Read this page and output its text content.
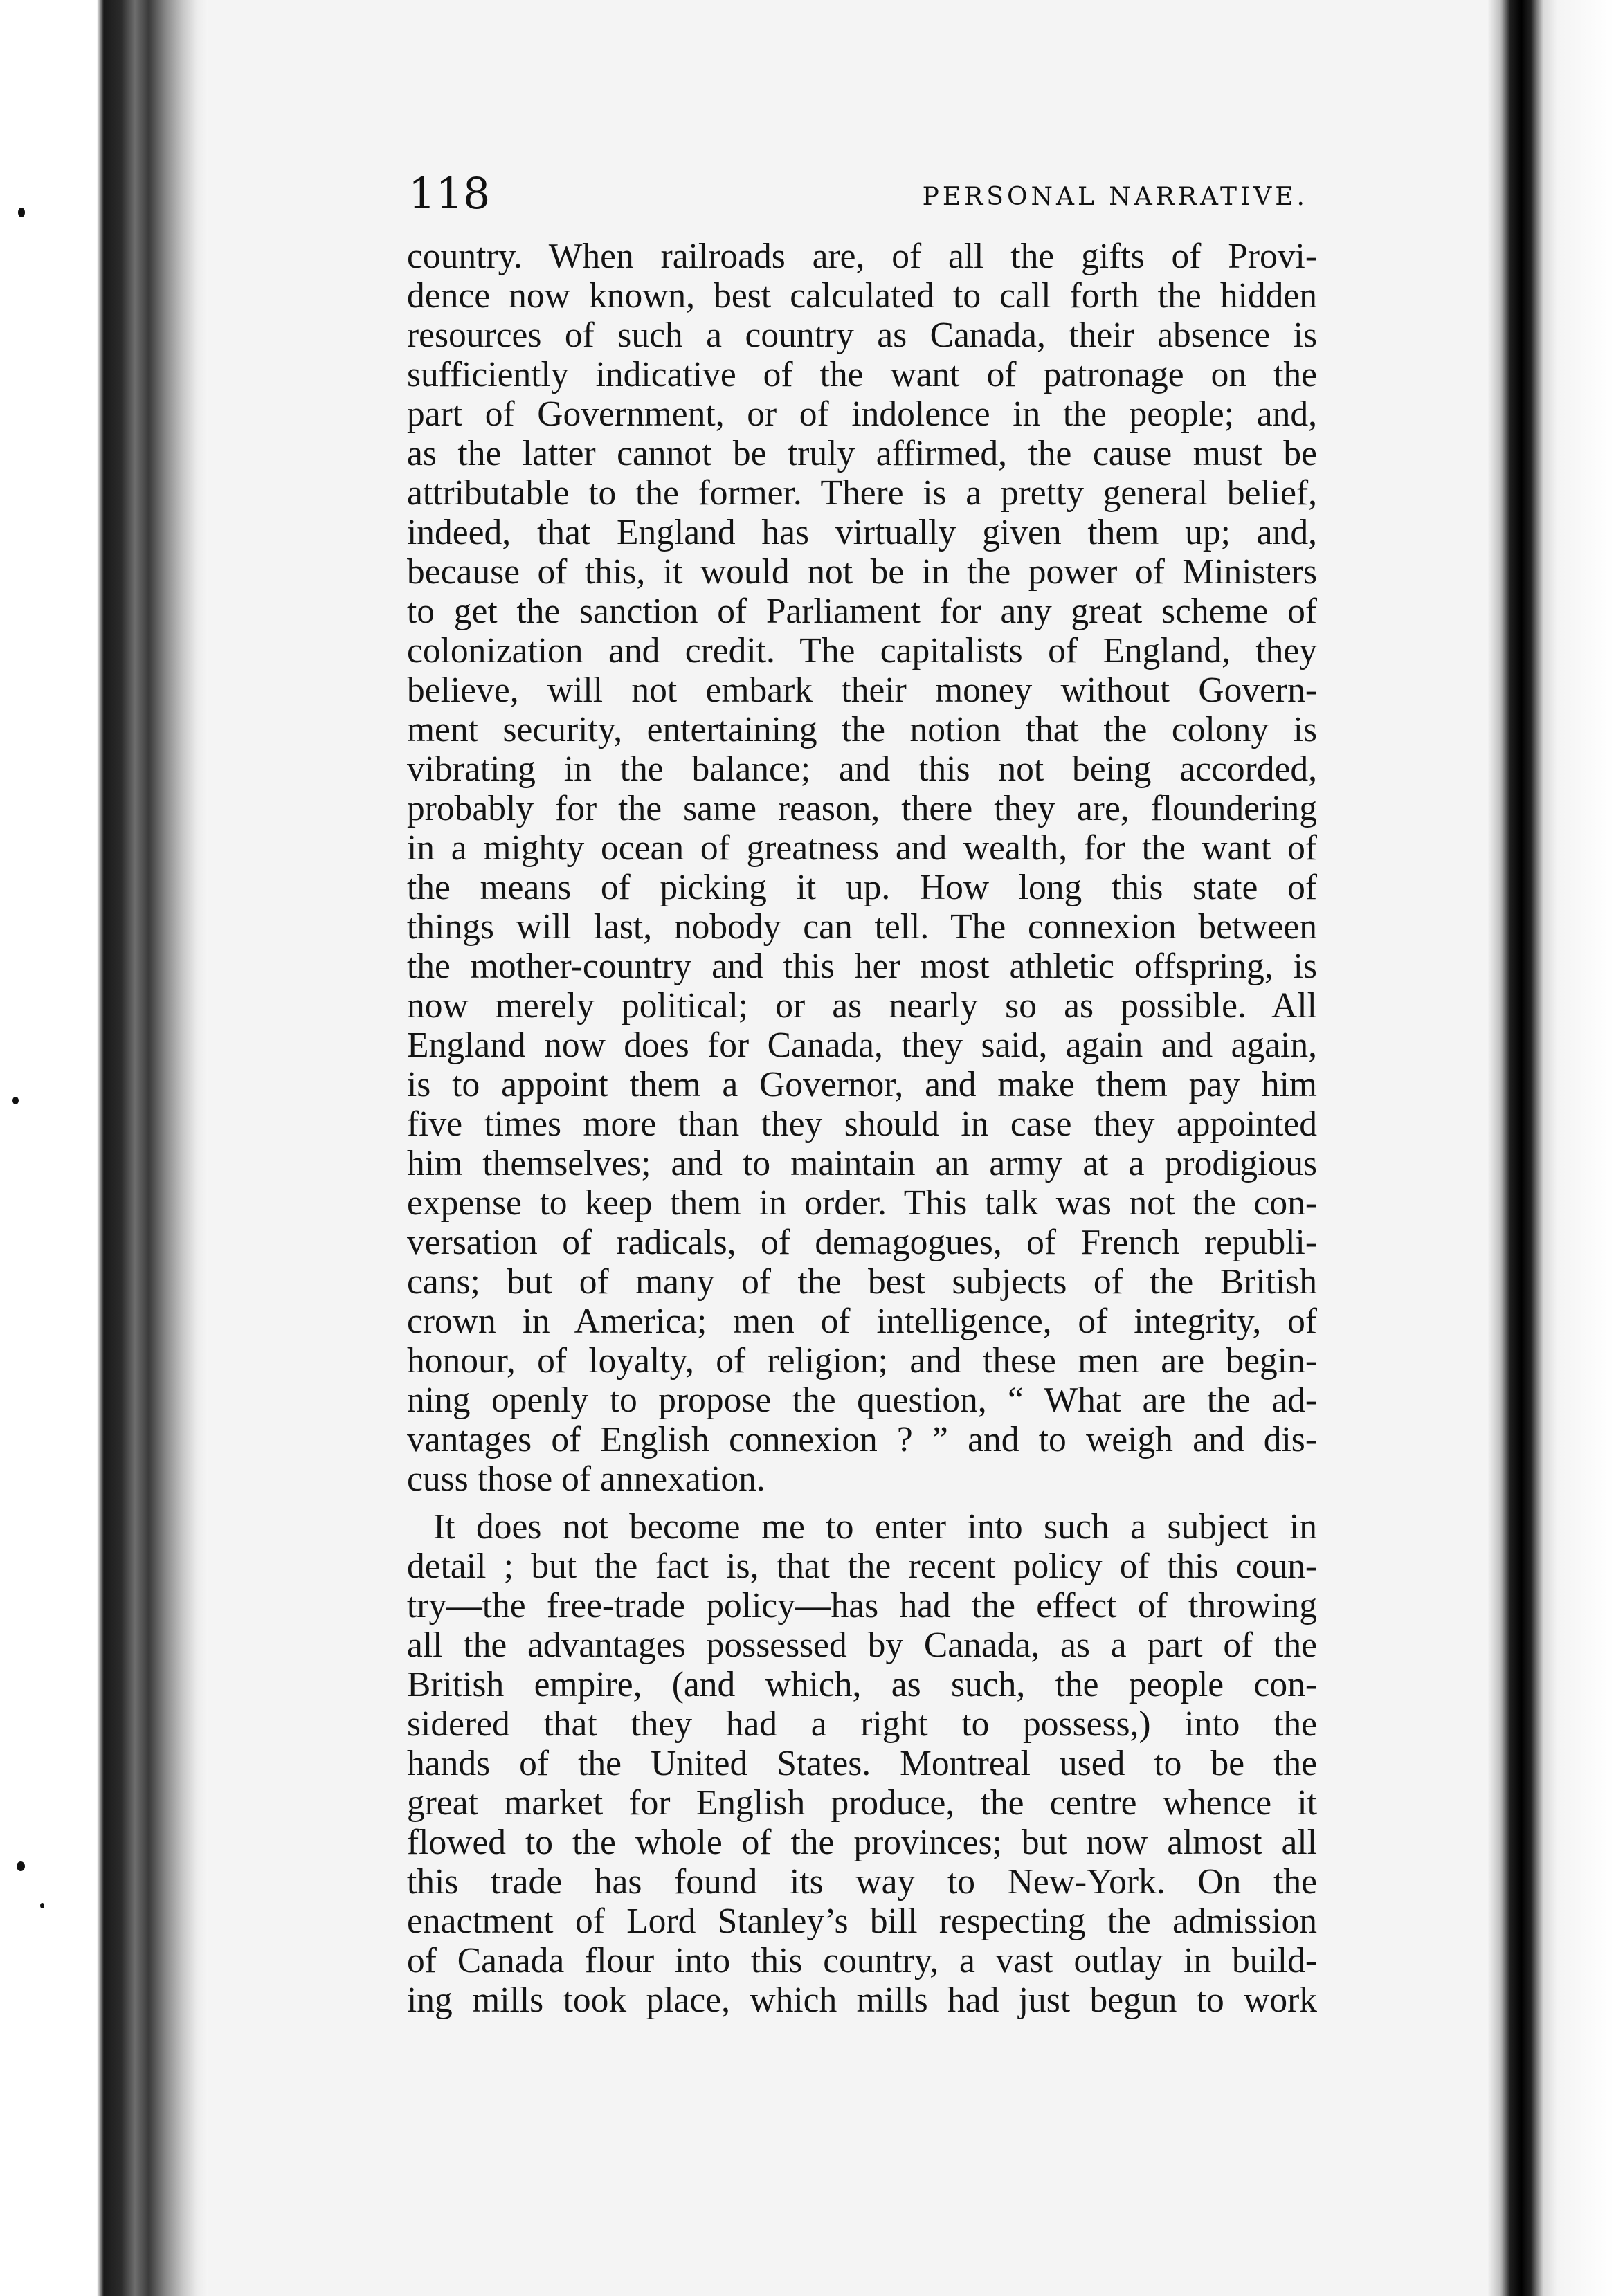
118	PERSONAL NARRATIVE.
country. When railroads are, of all the gifts of Provi-
dence now known, best calculated to call forth the hidden
resources of such a country as Canada, their absence is
sufficiently indicative of the want of patronage on the
part of Government, or of indolence in the people; and,
as the latter cannot be truly affirmed, the cause must be
attributable to the former. There is a pretty general belief,
indeed, that England has virtually given them up; and,
because of this, it would not be in the power of Ministers
to get the sanction of Parliament for any great scheme of
colonization and credit. The capitalists of England, they
believe, will not embark their money without Govern-
ment security, entertaining the notion that the colony is
vibrating in the balance; and this not being accorded,
probably for the same reason, there they are, floundering
in a mighty ocean of greatness and wealth, for the want of
the means of picking it up. How long this state of
things will last, nobody can tell. The connexion between
the mother-country and this her most athletic offspring, is
now merely political; or as nearly so as possible. All
England now does for Canada, they said, again and again,
is to appoint them a Governor, and make them pay him
five times more than they should in case they appointed
him themselves; and to maintain an army at a prodigious
expense to keep them in order. This talk was not the con-
versation of radicals, of demagogues, of French republi-
cans; but of many of the best subjects of the British
crown in America; men of intelligence, of integrity, of
honour, of loyalty, of religion; and these men are begin-
ning openly to propose the question, “ What are the ad-
vantages of English connexion ? ” and to weigh and dis-
cuss those of annexation.
It does not become me to enter into such a subject in
detail ; but the fact is, that the recent policy of this coun-
try—the free-trade policy—has had the effect of throwing
all the advantages possessed by Canada, as a part of the
British empire, (and which, as such, the people con-
sidered that they had a right to possess,) into the
hands of the United States. Montreal used to be the
great market for English produce, the centre whence it
flowed to the whole of the provinces; but now almost all
this trade has found its way to New-York. On the
enactment of Lord Stanley’s bill respecting the admission
of Canada flour into this country, a vast outlay in build-
ing mills took place, which mills had just begun to work
